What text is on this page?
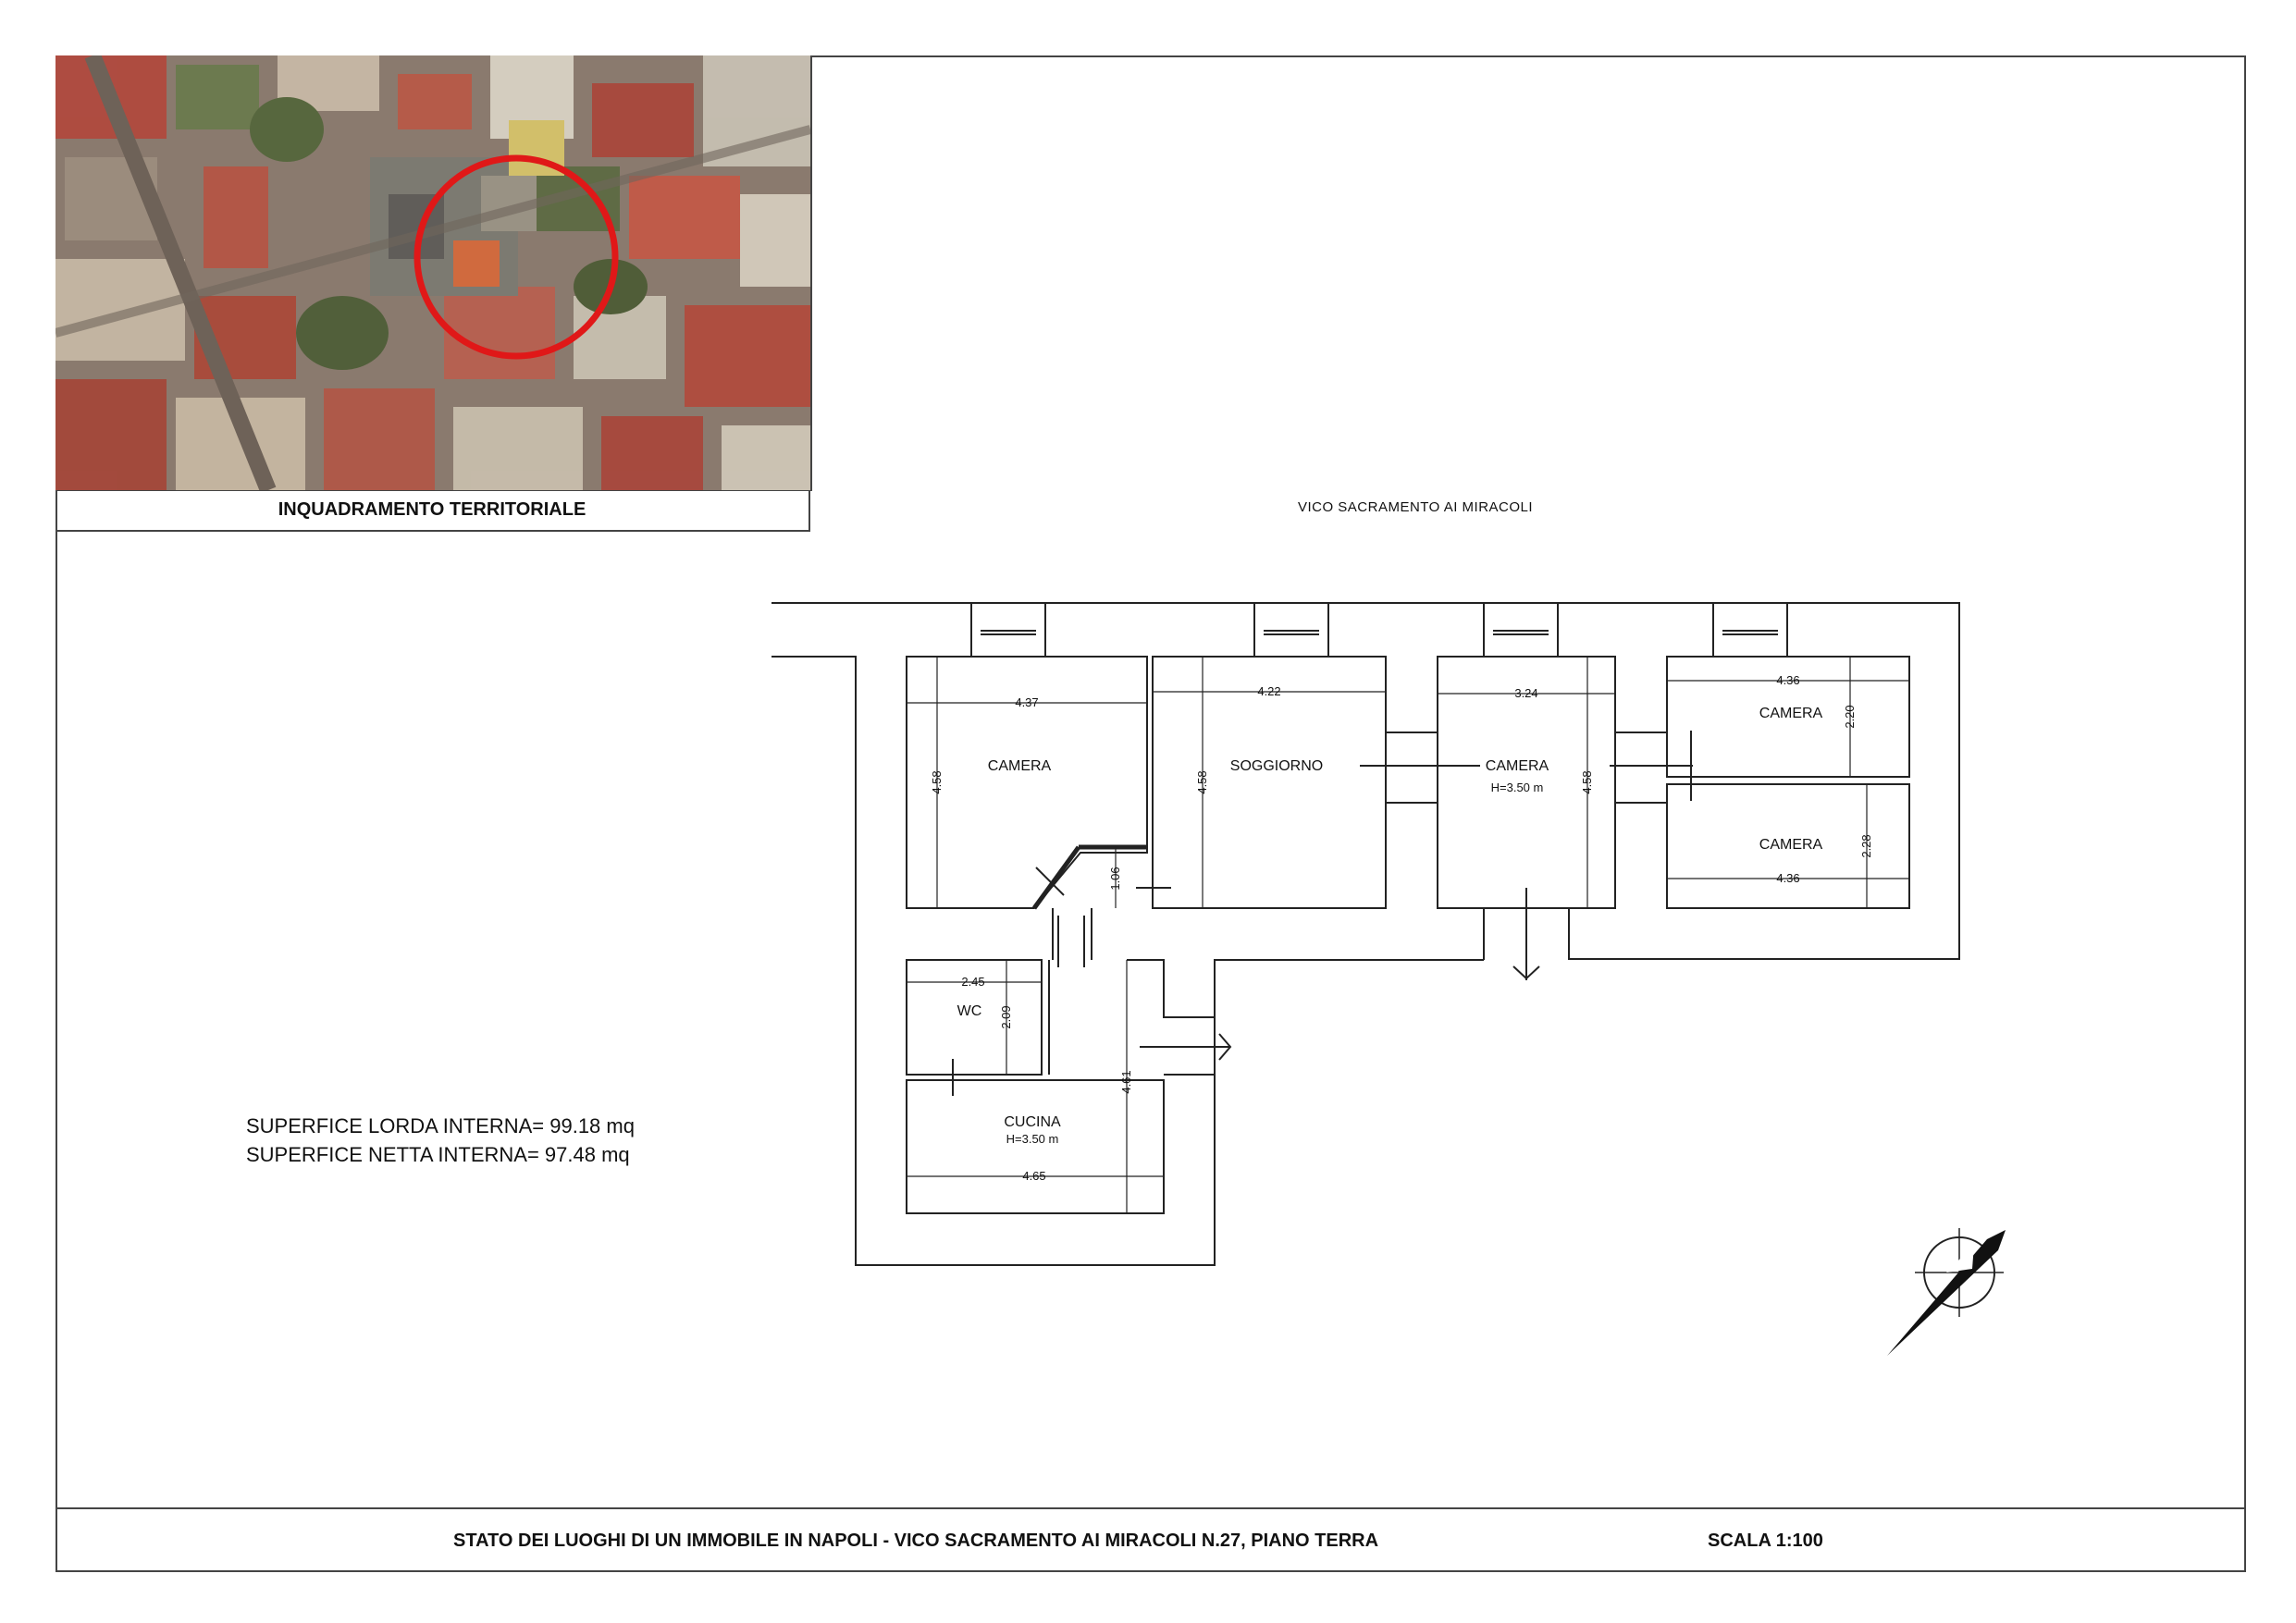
INQUADRAMENTO TERRITORIALE	VICO SACRAMENTO AI MIRACOLI
SUPERFICE LORDA INTERNA= 99.18 mq
SUPERFICE NETTA INTERNA= 97.48 mq
CAMERA	SOGGIORNO	CAMERA
CAMERA
CAMERA
WC
CUCINA
H=3.50 m
H=3.50 m
4.37
4.22	3.24
4.36
4.36
2.45
4.65
4.58	4.58	4.58
2.20
2.28
2.09
4.61
1.06
STATO DEI LUOGHI DI UN IMMOBILE IN NAPOLI - VICO SACRAMENTO AI MIRACOLI N.27, PIANO TERRA	SCALA 1:100
